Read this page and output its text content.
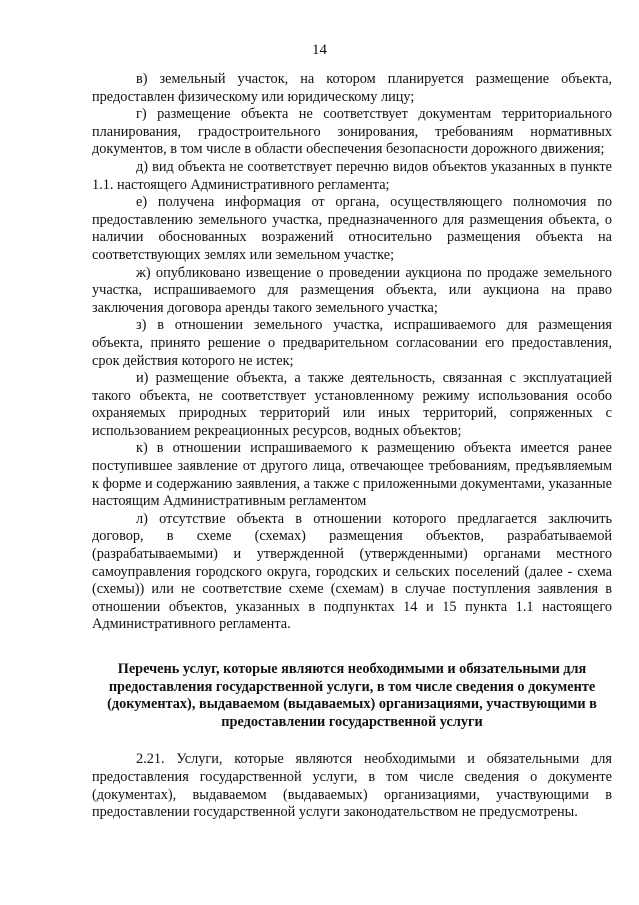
14

в) земельный участок, на котором планируется размещение объекта, предоставлен физическому или юридическому лицу;

г) размещение объекта не соответствует документам территориального планирования, градостроительного зонирования, требованиям нормативных документов, в том числе в области обеспечения безопасности дорожного движения;

д) вид объекта не соответствует перечню видов объектов указанных в пункте 1.1. настоящего Административного регламента;

е) получена информация от органа, осуществляющего полномочия по предоставлению земельного участка, предназначенного для размещения объекта, о наличии обоснованных возражений относительно размещения объекта на соответствующих землях или земельном участке;

ж) опубликовано извещение о проведении аукциона по продаже земельного участка, испрашиваемого для размещения объекта, или аукциона на право заключения договора аренды такого земельного участка;

з) в отношении земельного участка, испрашиваемого для размещения объекта, принято решение о предварительном согласовании его предоставления, срок действия которого не истек;

и) размещение объекта, а также деятельность, связанная с эксплуатацией такого объекта, не соответствует установленному режиму использования особо охраняемых природных территорий или иных территорий, сопряженных с использованием рекреационных ресурсов, водных объектов;

к) в отношении испрашиваемого к размещению объекта имеется ранее поступившее заявление от другого лица, отвечающее требованиям, предъявляемым к форме и содержанию заявления, а также с приложенными документами, указанные настоящим Административным регламентом

л) отсутствие объекта в отношении которого предлагается заключить договор, в схеме (схемах) размещения объектов, разрабатываемой (разрабатываемыми) и утвержденной (утвержденными) органами местного самоуправления городского округа, городских и сельских поселений (далее - схема (схемы)) или не соответствие схеме (схемам) в случае поступления заявления в отношении объектов, указанных в подпунктах 14 и 15 пункта 1.1 настоящего Административного регламента.

Перечень услуг, которые являются необходимыми и обязательными для предоставления государственной услуги, в том числе сведения о документе (документах), выдаваемом (выдаваемых) организациями, участвующими в предоставлении государственной услуги

2.21. Услуги, которые являются необходимыми и обязательными для предоставления государственной услуги, в том числе сведения о документе (документах), выдаваемом (выдаваемых) организациями, участвующими в предоставлении государственной услуги законодательством не предусмотрены.
